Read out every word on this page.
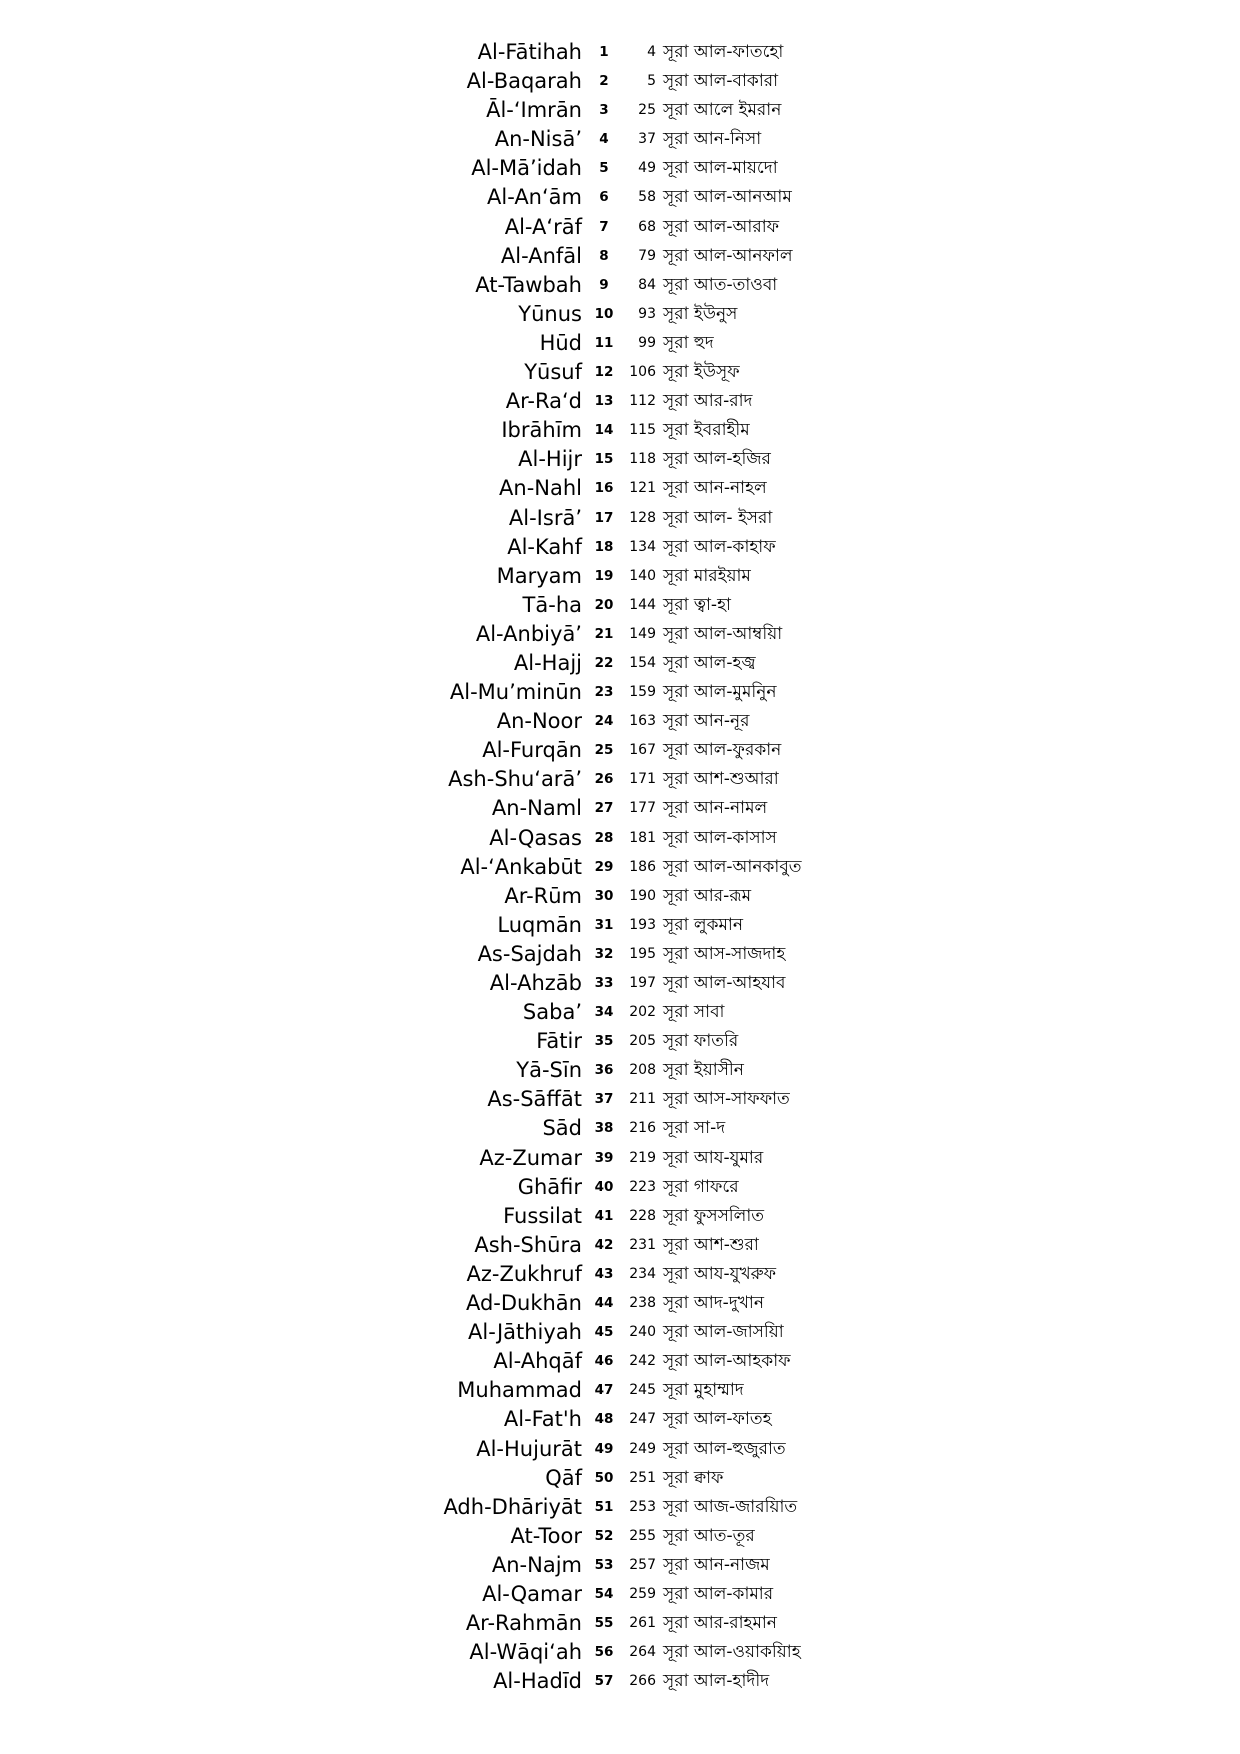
Al-Fātihah	1	4 সূরা আল-ফাতহো
Al-Baqarah	2	5 সূরা আল-বাকারা
Āl-‘Imrān	3	25 সূরা আলে ইমরান
An-Nisā’	4	37 সূরা আন-নিসা
Al-Mā’idah	5	49 সূরা আল-মায়দো
Al-An‘ām	6	58 সূরা আল-আনআম
Al-A‘rāf	7	68 সূরা আল-আরাফ
Al-Anfāl	8	79 সূরা আল-আনফাল
At-Tawbah	9	84 সূরা আত-তাওবা
Yūnus 10	93 সূরা ইউনুস
Hūd 11	99 সূরা হুদ
Yūsuf 12	106 সূরা ইউসূফ
Ar-Ra‘d 13	112 সূরা আর-রাদ
Ibrāhīm 14	115 সূরা ইবরাহীম
Al-Hijr 15	118 সূরা আল-হজির
An-Nahl 16	121 সূরা আন-নাহল
Al-Isrā’ 17	128 সূরা আল- ইসরা
Al-Kahf 18	134 সূরা আল-কাহাফ
Maryam 19	140 সূরা মারইয়াম
Tā-ha 20	144 সূরা ত্বা-হা
Al-Anbiyā’ 21	149 সূরা আল-আম্বয়িা
Al-Hajj 22	154 সূরা আল-হজ্ব
Al-Mu’minūn 23	159 সূরা আল-মুমনিুন
An-Noor 24	163 সূরা আন-নূর
Al-Furqān 25	167 সূরা আল-ফুরকান
Ash-Shu‘arā’ 26	171 সূরা আশ-শুআরা
An-Naml 27	177 সূরা আন-নামল
Al-Qasas 28	181 সূরা আল-কাসাস
Al-‘Ankabūt 29	186 সূরা আল-আনকাবুত
Ar-Rūm 30	190 সূরা আর-রূম
Luqmān 31	193 সূরা লুকমান
As-Sajdah 32	195 সূরা আস-সাজদাহ
Al-Ahzāb 33	197 সূরা আল-আহযাব
Saba’ 34	202 সূরা সাবা
Fātir 35	205 সূরা ফাতরি
Yā-Sīn 36	208 সূরা ইয়াসীন
As-Sāffāt 37	211 সূরা আস-সাফফাত
Sād 38	216 সূরা সা-দ
Az-Zumar 39	219 সূরা আয-যুমার
Ghāfir 40	223 সূরা গাফরে
Fussilat 41	228 সূরা ফুসসলিাত
Ash-Shūra 42	231 সূরা আশ-শুরা
Az-Zukhruf 43	234 সূরা আয-যুখরুফ
Ad-Dukhān 44	238 সূরা আদ-দুখান
Al-Jāthiyah 45	240 সূরা আল-জাসয়িা
Al-Ahqāf 46	242 সূরা আল-আহকাফ
Muhammad 47	245 সূরা মুহাম্মাদ
Al-Fat'h 48	247 সূরা আল-ফাতহ
Al-Hujurāt 49	249 সূরা আল-হুজুরাত
Qāf 50	251 সূরা ক্বাফ
Adh-Dhāriyāt 51	253 সূরা আজ-জারয়িাত
At-Toor 52	255 সূরা আত-তূর
An-Najm 53	257 সূরা আন-নাজম
Al-Qamar 54	259 সূরা আল-কামার
Ar-Rahmān 55	261 সূরা আর-রাহমান
Al-Wāqi‘ah 56	264 সূরা আল-ওয়াকয়িাহ
Al-Hadīd 57	266 সূরা আল-হাদীদ
